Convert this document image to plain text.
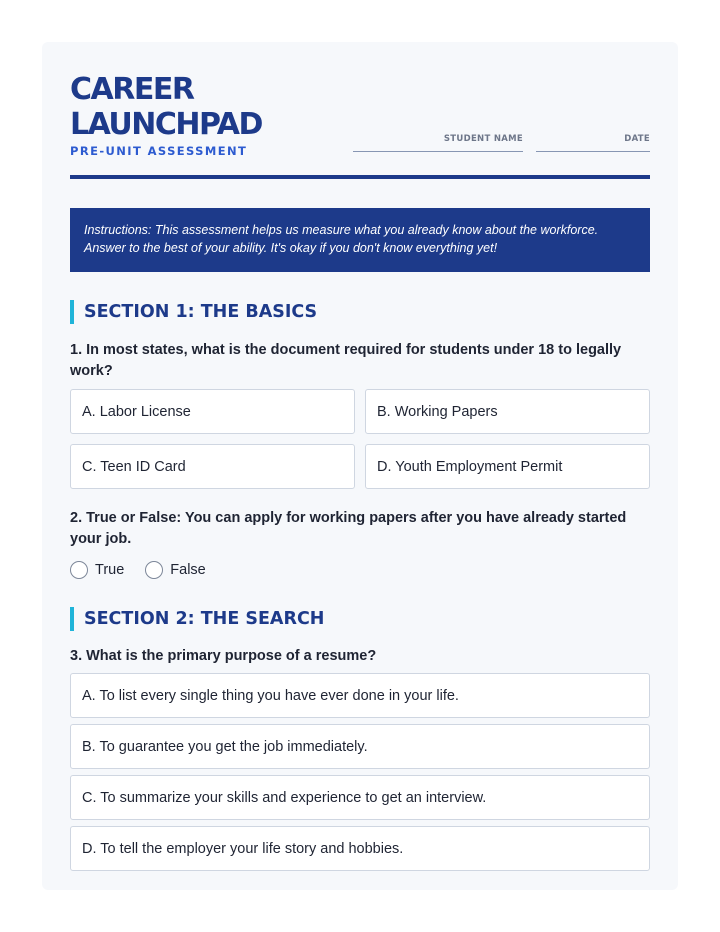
CAREER
LAUNCHPAD
PRE-UNIT ASSESSMENT
STUDENT NAME	DATE
Instructions: This assessment helps us measure what you already know about the workforce. Answer to the best of your ability. It's okay if you don't know everything yet!
SECTION 1: THE BASICS
1. In most states, what is the document required for students under 18 to legally work?
A. Labor License	B. Working Papers
C. Teen ID Card	D. Youth Employment Permit
2. True or False: You can apply for working papers after you have already started your job.
True	False
SECTION 2: THE SEARCH
3. What is the primary purpose of a resume?
A. To list every single thing you have ever done in your life.
B. To guarantee you get the job immediately.
C. To summarize your skills and experience to get an interview.
D. To tell the employer your life story and hobbies.
